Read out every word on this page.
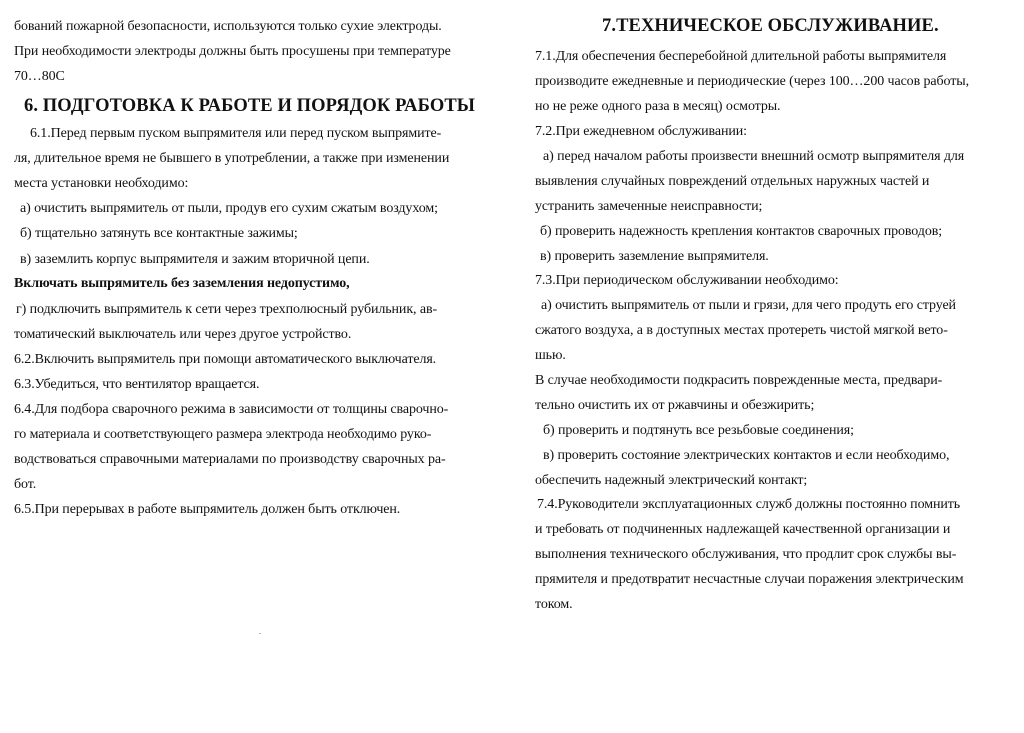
бований пожарной безопасности, используются только сухие электроды.
При необходимости электроды должны быть просушены при температуре
70…80С
6. ПОДГОТОВКА К РАБОТЕ И ПОРЯДОК РАБОТЫ
6.1.Перед первым пуском выпрямителя или перед пуском выпрямите-
ля, длительное время не бывшего в употреблении, а также при изменении
места установки необходимо:
а) очистить выпрямитель от пыли, продув его сухим сжатым воздухом;
б) тщательно затянуть все контактные зажимы;
в) заземлить корпус выпрямителя и зажим вторичной цепи.
Включать выпрямитель без заземления недопустимо,
г) подключить выпрямитель к сети через трехполюсный рубильник, ав-
томатический выключатель или через другое устройство.
6.2.Включить выпрямитель при помощи автоматического выключателя.
6.3.Убедиться, что вентилятор вращается.
6.4.Для подбора сварочного режима в зависимости от толщины сварочно-
го материала и соответствующего размера электрода необходимо руко-
водствоваться справочными материалами по производству сварочных ра-
бот.
6.5.При перерывах в работе выпрямитель должен быть отключен.
7.ТЕХНИЧЕСКОЕ ОБСЛУЖИВАНИЕ.
7.1.Для обеспечения бесперебойной длительной работы выпрямителя
производите ежедневные и периодические (через 100…200 часов работы,
но не реже одного раза в месяц) осмотры.
7.2.При ежедневном обслуживании:
а) перед началом работы произвести внешний осмотр выпрямителя для
выявления случайных повреждений отдельных наружных частей и
устранить замеченные неисправности;
б) проверить надежность крепления контактов сварочных проводов;
в) проверить заземление выпрямителя.
7.3.При периодическом обслуживании необходимо:
а) очистить выпрямитель от пыли и грязи, для чего продуть его струей
сжатого воздуха, а в доступных местах протереть чистой мягкой вето-
шью.
В случае необходимости подкрасить поврежденные места, предвари-
тельно очистить их от ржавчины и обезжирить;
б) проверить и подтянуть все резьбовые соединения;
в) проверить состояние электрических контактов и если необходимо,
обеспечить надежный электрический контакт;
7.4.Руководители эксплуатационных служб должны постоянно помнить
и требовать от подчиненных надлежащей качественной организации и
выполнения технического обслуживания, что продлит срок службы вы-
прямителя и предотвратит несчастные случаи поражения электрическим
током.
